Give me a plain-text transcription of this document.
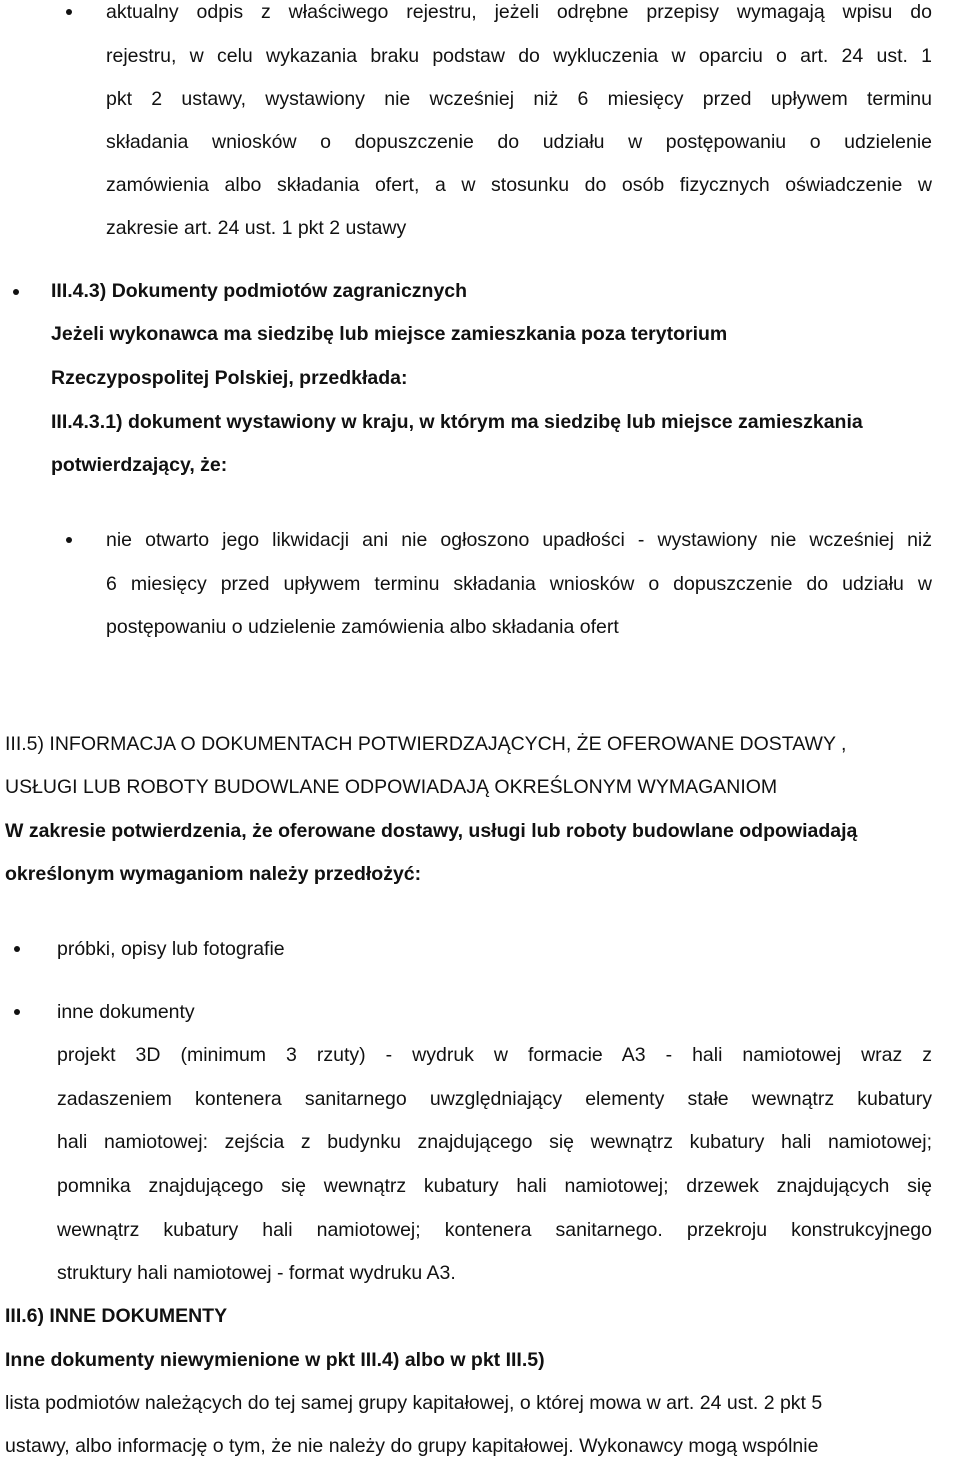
aktualny odpis z właściwego rejestru, jeżeli odrębne przepisy wymagają wpisu do
rejestru, w celu wykazania braku podstaw do wykluczenia w oparciu o art. 24 ust. 1
pkt 2 ustawy, wystawiony nie wcześniej niż 6 miesięcy przed upływem terminu
składania wniosków o dopuszczenie do udziału w postępowaniu o udzielenie
zamówienia albo składania ofert, a w stosunku do osób fizycznych oświadczenie w
zakresie art. 24 ust. 1 pkt 2 ustawy
III.4.3) Dokumenty podmiotów zagranicznych
Jeżeli wykonawca ma siedzibę lub miejsce zamieszkania poza terytorium
Rzeczypospolitej Polskiej, przedkłada:
III.4.3.1) dokument wystawiony w kraju, w którym ma siedzibę lub miejsce zamieszkania
potwierdzający, że:
nie otwarto jego likwidacji ani nie ogłoszono upadłości - wystawiony nie wcześniej niż
6 miesięcy przed upływem terminu składania wniosków o dopuszczenie do udziału w
postępowaniu o udzielenie zamówienia albo składania ofert
III.5) INFORMACJA O DOKUMENTACH POTWIERDZAJĄCYCH, ŻE OFEROWANE DOSTAWY ,
USŁUGI LUB ROBOTY BUDOWLANE ODPOWIADAJĄ OKREŚLONYM WYMAGANIOM
W zakresie potwierdzenia, że oferowane dostawy, usługi lub roboty budowlane odpowiadają
określonym wymaganiom należy przedłożyć:
próbki, opisy lub fotografie
inne dokumenty
projekt 3D (minimum 3 rzuty) - wydruk w formacie A3 - hali namiotowej wraz z
zadaszeniem kontenera sanitarnego uwzględniający elementy stałe wewnątrz kubatury
hali namiotowej: zejścia z budynku znajdującego się wewnątrz kubatury hali namiotowej;
pomnika znajdującego się wewnątrz kubatury hali namiotowej; drzewek znajdujących się
wewnątrz kubatury hali namiotowej; kontenera sanitarnego. przekroju konstrukcyjnego
struktury hali namiotowej - format wydruku A3.
III.6) INNE DOKUMENTY
Inne dokumenty niewymienione w pkt III.4) albo w pkt III.5)
lista podmiotów należących do tej samej grupy kapitałowej, o której mowa w art. 24 ust. 2 pkt 5
ustawy, albo informację o tym, że nie należy do grupy kapitałowej. Wykonawcy mogą wspólnie
